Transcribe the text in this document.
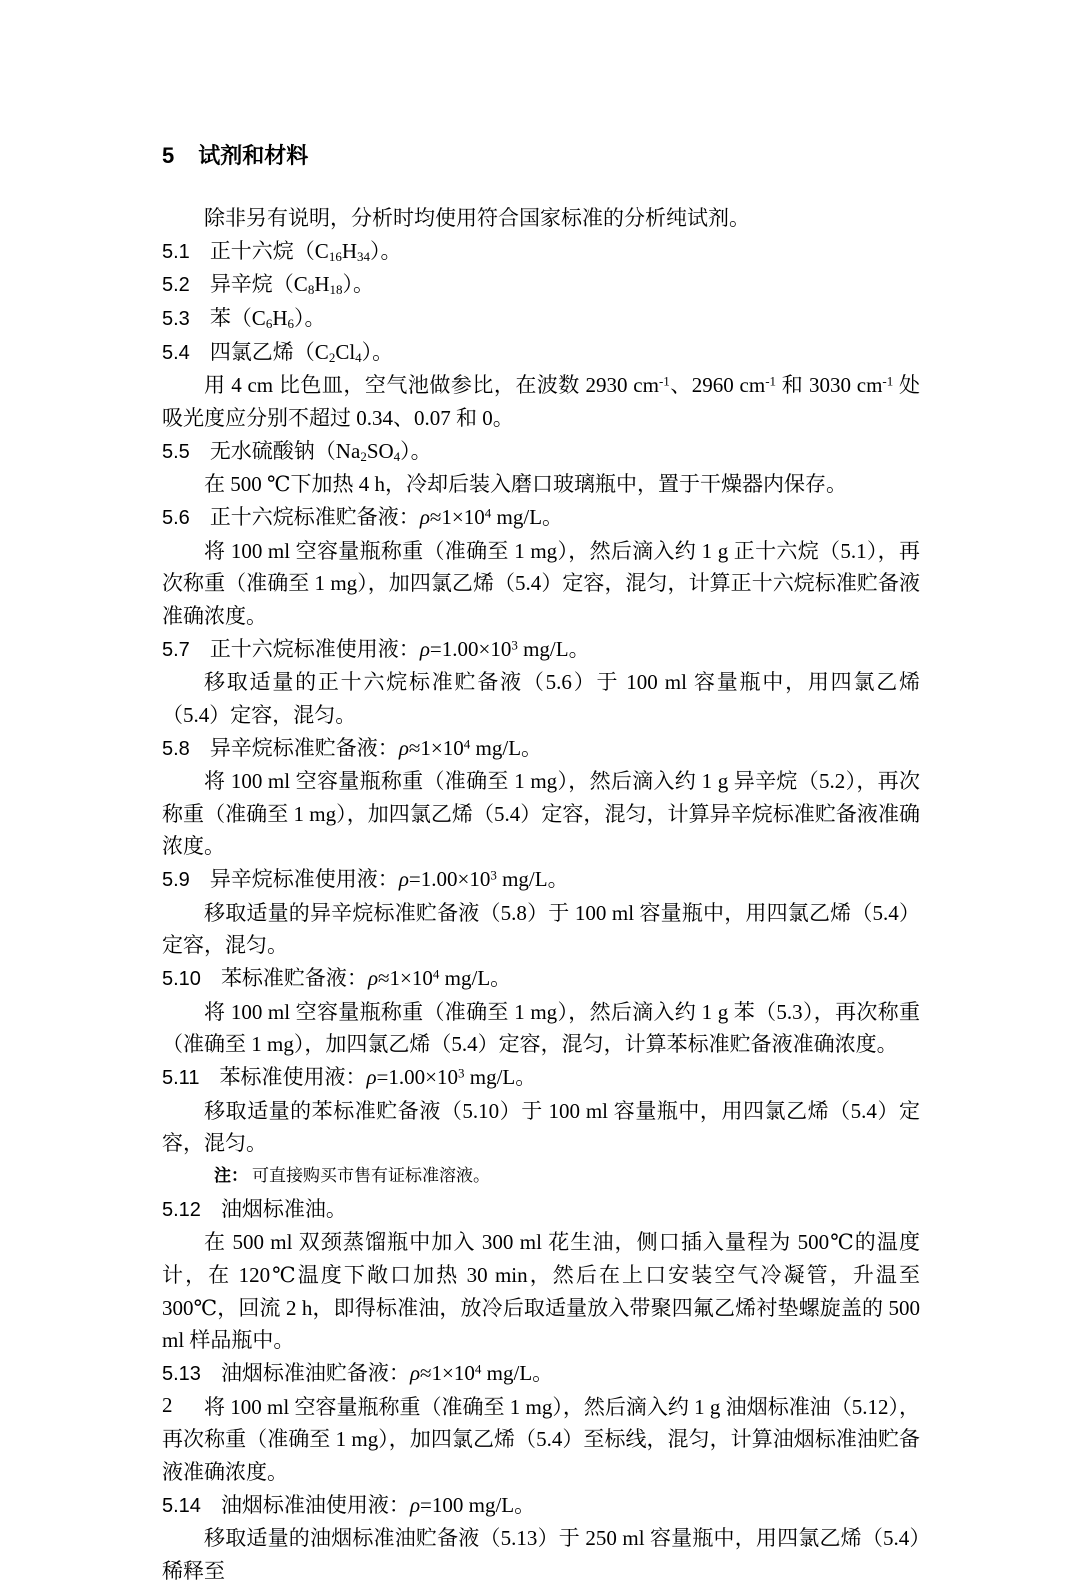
5 试剂和材料
除非另有说明，分析时均使用符合国家标准的分析纯试剂。
5.1 正十六烷$(C_{16}H_{34})$。
5.2 异辛烷$(C_8H_{18})$。
5.3 苯$(C_6H_6)$。
5.4 四氯乙烯$(C_2Cl_4)$。
用 4 cm 比色皿，空气池做参比，在波数 2930 $cm^{-1}$、2960 $cm^{-1}$ 和 3030 $cm^{-1}$ 处吸光度应分别不超过 0.34、0.07 和 0。
5.5 无水硫酸钠$(Na_2SO_4)$。
在 500 ℃下加热 4 h，冷却后装入磨口玻璃瓶中，置于干燥器内保存。
5.6 正十六烷标准贮备液：$\rho\approx 1\times 10^4$ mg/L。
将 100 ml 空容量瓶称重（准确至 1 mg），然后滴入约 1 g 正十六烷（5.1），再次称重（准确至 1 mg），加四氯乙烯（5.4）定容，混匀，计算正十六烷标准贮备液准确浓度。
5.7 正十六烷标准使用液：$\rho=1.00\times 10^3$ mg/L。
移取适量的正十六烷标准贮备液（5.6）于 100 ml 容量瓶中，用四氯乙烯（5.4）定容，混匀。
5.8 异辛烷标准贮备液：$\rho\approx 1\times 10^4$ mg/L。
将 100 ml 空容量瓶称重（准确至 1 mg），然后滴入约 1 g 异辛烷（5.2），再次称重（准确至 1 mg），加四氯乙烯（5.4）定容，混匀，计算异辛烷标准贮备液准确浓度。
5.9 异辛烷标准使用液：$\rho=1.00\times 10^3$ mg/L。
移取适量的异辛烷标准贮备液（5.8）于 100 ml 容量瓶中，用四氯乙烯（5.4）定容，混匀。
5.10 苯标准贮备液：$\rho\approx 1\times 10^4$ mg/L。
将 100 ml 空容量瓶称重（准确至 1 mg），然后滴入约 1 g 苯（5.3），再次称重（准确至 1 mg），加四氯乙烯（5.4）定容，混匀，计算苯标准贮备液准确浓度。
5.11 苯标准使用液：$\rho=1.00\times 10^3$ mg/L。
移取适量的苯标准贮备液（5.10）于 100 ml 容量瓶中，用四氯乙烯（5.4）定容，混匀。
注： 可直接购买市售有证标准溶液。
5.12 油烟标准油。
在 500 ml 双颈蒸馏瓶中加入 300 ml 花生油，侧口插入量程为 500℃的温度计，在 120℃温度下敞口加热 30 min，然后在上口安装空气冷凝管，升温至 300℃，回流 2 h，即得标准油，放冷后取适量放入带聚四氟乙烯衬垫螺旋盖的 500 ml 样品瓶中。
5.13 油烟标准油贮备液：$\rho\approx 1\times 10^4$ mg/L。
将 100 ml 空容量瓶称重（准确至 1 mg），然后滴入约 1 g 油烟标准油（5.12），再次称重（准确至 1 mg），加四氯乙烯（5.4）至标线，混匀，计算油烟标准油贮备液准确浓度。
5.14 油烟标准油使用液：ρ=100 mg/L。
移取适量的油烟标准油贮备液（5.13）于 250 ml 容量瓶中，用四氯乙烯（5.4）稀释至
2
